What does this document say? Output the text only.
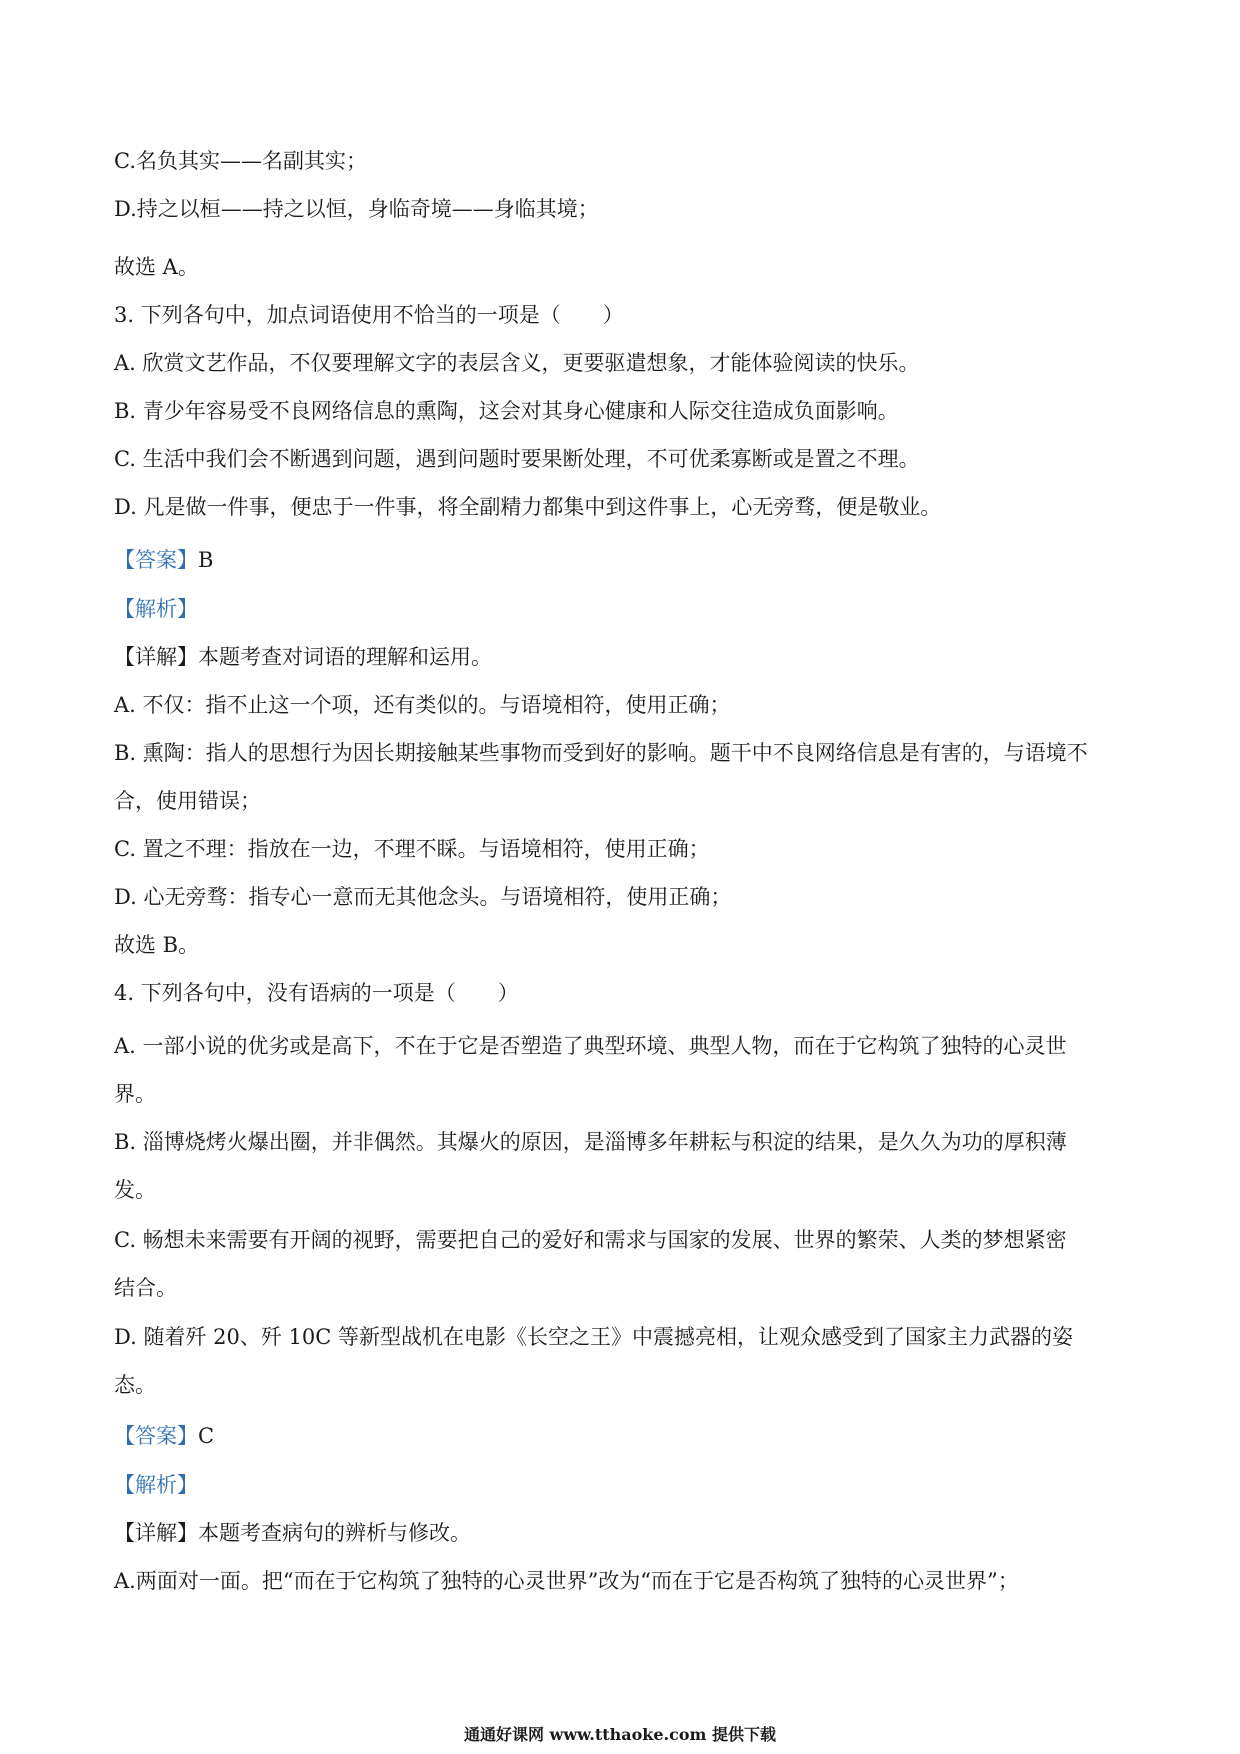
C.名负其实——名副其实；
D.持之以桓——持之以恒，身临奇境——身临其境；
故选 A。
3. 下列各句中，加点词语使用不恰当的一项是（　　）
A. 欣赏文艺作品，不仅要理解文字的表层含义，更要驱遣想象，才能体验阅读的快乐。
B. 青少年容易受不良网络信息的熏陶，这会对其身心健康和人际交往造成负面影响。
C. 生活中我们会不断遇到问题，遇到问题时要果断处理，不可优柔寡断或是置之不理。
D. 凡是做一件事，便忠于一件事，将全副精力都集中到这件事上，心无旁骛，便是敬业。
【答案】B
【解析】
【详解】本题考查对词语的理解和运用。
A. 不仅：指不止这一个项，还有类似的。与语境相符，使用正确；
B. 熏陶：指人的思想行为因长期接触某些事物而受到好的影响。题干中不良网络信息是有害的，与语境不
合，使用错误；
C. 置之不理：指放在一边，不理不睬。与语境相符，使用正确；
D. 心无旁骛：指专心一意而无其他念头。与语境相符，使用正确；
故选 B。
4. 下列各句中，没有语病的一项是（　　）
A. 一部小说的优劣或是高下，不在于它是否塑造了典型环境、典型人物，而在于它构筑了独特的心灵世
界。
B. 淄博烧烤火爆出圈，并非偶然。其爆火的原因，是淄博多年耕耘与积淀的结果，是久久为功的厚积薄
发。
C. 畅想未来需要有开阔的视野，需要把自己的爱好和需求与国家的发展、世界的繁荣、人类的梦想紧密
结合。
D. 随着歼 20、歼 10C 等新型战机在电影《长空之王》中震撼亮相，让观众感受到了国家主力武器的姿
态。
【答案】C
【解析】
【详解】本题考查病句的辨析与修改。
A.两面对一面。把“而在于它构筑了独特的心灵世界”改为“而在于它是否构筑了独特的心灵世界”；
通通好课网 www.tthaoke.com 提供下载
